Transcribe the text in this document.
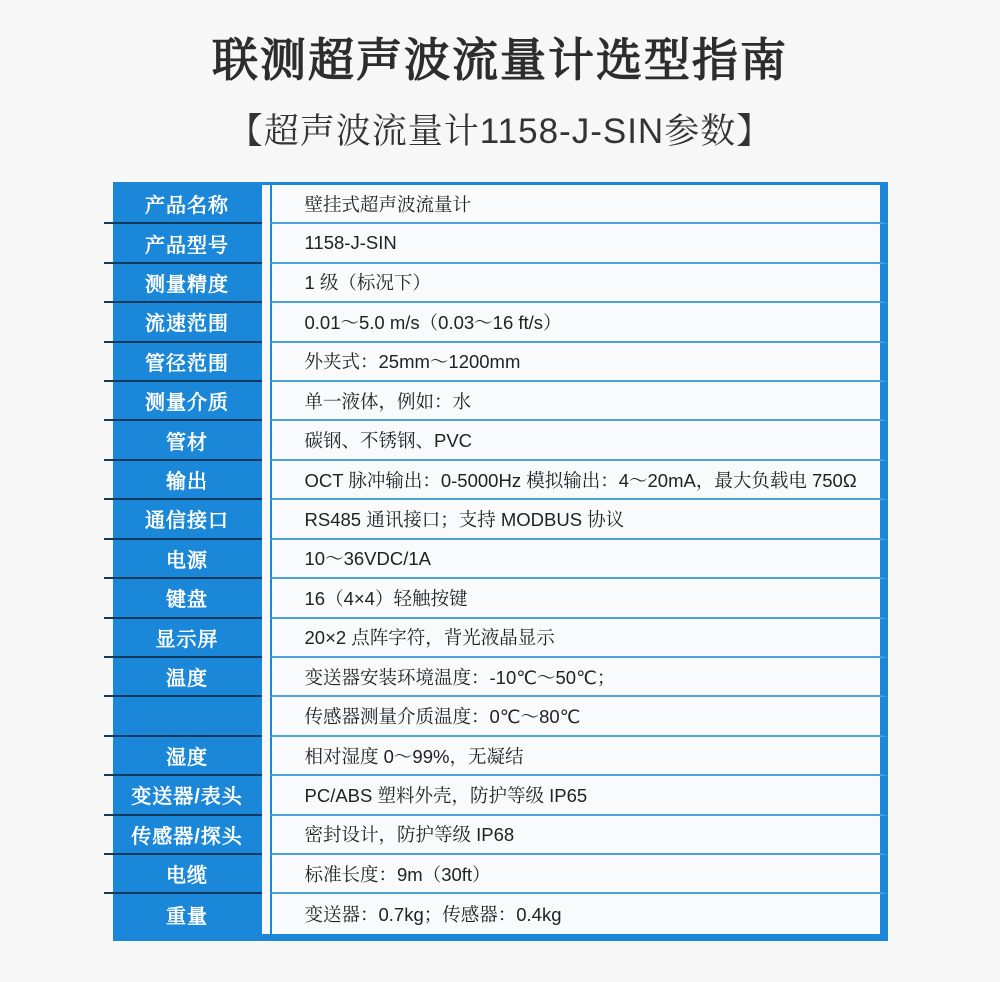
联测超声波流量计选型指南
【超声波流量计1158-J-SIN参数】
产品名称	壁挂式超声波流量计
产品型号	1158-J-SIN
测量精度	1 级（标况下）
流速范围	0.01～5.0 m/s（0.03～16 ft/s）
管径范围	外夹式：25mm～1200mm
测量介质	单一液体，例如：水
管材	碳钢、不锈钢、PVC
输出	OCT 脉冲输出：0-5000Hz 模拟输出：4～20mA，最大负载电 750Ω
通信接口	RS485 通讯接口；支持 MODBUS 协议
电源	10～36VDC/1A
键盘	16（4×4）轻触按键
显示屏	20×2 点阵字符，背光液晶显示
温度	变送器安装环境温度：-10℃～50℃；
传感器测量介质温度：0℃～80℃
湿度	相对湿度 0～99%，无凝结
变送器/表头	PC/ABS 塑料外壳，防护等级 IP65
传感器/探头	密封设计，防护等级 IP68
电缆	标准长度：9m（30ft）
重量	变送器：0.7kg；传感器：0.4kg
